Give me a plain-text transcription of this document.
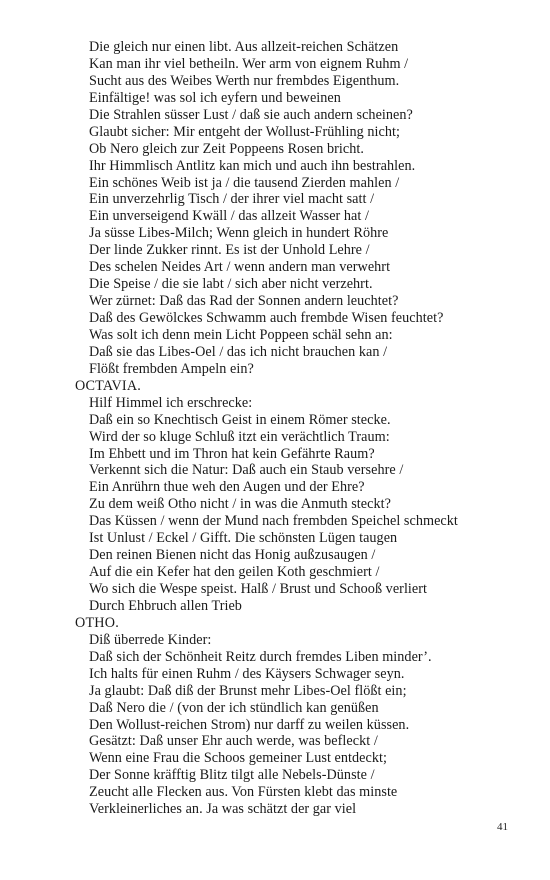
Die gleich nur einen libt. Aus allzeit-reichen Schätzen
Kan man ihr viel betheiln. Wer arm von eignem Ruhm /
Sucht aus des Weibes Werth nur frembdes Eigenthum.
Einfältige! was sol ich eyfern und beweinen
Die Strahlen süsser Lust / daß sie auch andern scheinen?
Glaubt sicher: Mir entgeht der Wollust-Frühling nicht;
Ob Nero gleich zur Zeit Poppeens Rosen bricht.
Ihr Himmlisch Antlitz kan mich und auch ihn bestrahlen.
Ein schönes Weib ist ja / die tausend Zierden mahlen /
Ein unverzehrlig Tisch / der ihrer viel macht satt /
Ein unverseigend Kwäll / das allzeit Wasser hat /
Ja süsse Libes-Milch; Wenn gleich in hundert Röhre
Der linde Zukker rinnt. Es ist der Unhold Lehre /
Des schelen Neides Art / wenn andern man verwehrt
Die Speise / die sie labt / sich aber nicht verzehrt.
Wer zürnet: Daß das Rad der Sonnen andern leuchtet?
Daß des Gewölckes Schwamm auch frembde Wisen feuchtet?
Was solt ich denn mein Licht Poppeen schäl sehn an:
Daß sie das Libes-Oel / das ich nicht brauchen kan /
Flößt frembden Ampeln ein?
OCTAVIA.
Hilf Himmel ich erschrecke:
Daß ein so Knechtisch Geist in einem Römer stecke.
Wird der so kluge Schluß itzt ein verächtlich Traum:
Im Ehbett und im Thron hat kein Gefährte Raum?
Verkennt sich die Natur: Daß auch ein Staub versehre /
Ein Anrührn thue weh den Augen und der Ehre?
Zu dem weiß Otho nicht / in was die Anmuth steckt?
Das Küssen / wenn der Mund nach frembden Speichel schmeckt
Ist Unlust / Eckel / Gifft. Die schönsten Lügen taugen
Den reinen Bienen nicht das Honig außzusaugen /
Auf die ein Kefer hat den geilen Koth geschmiert /
Wo sich die Wespe speist. Halß / Brust und Schooß verliert
Durch Ehbruch allen Trieb
OTHO.
Diß überrede Kinder:
Daß sich der Schönheit Reitz durch fremdes Liben minder’.
Ich halts für einen Ruhm / des Käysers Schwager seyn.
Ja glaubt: Daß diß der Brunst mehr Libes-Oel flößt ein;
Daß Nero die / (von der ich stündlich kan genüßen
Den Wollust-reichen Strom) nur darff zu weilen küssen.
Gesätzt: Daß unser Ehr auch werde, was befleckt /
Wenn eine Frau die Schoos gemeiner Lust entdeckt;
Der Sonne kräfftig Blitz tilgt alle Nebels-Dünste /
Zeucht alle Flecken aus. Von Fürsten klebt das minste
Verkleinerliches an. Ja was schätzt der gar viel
41
